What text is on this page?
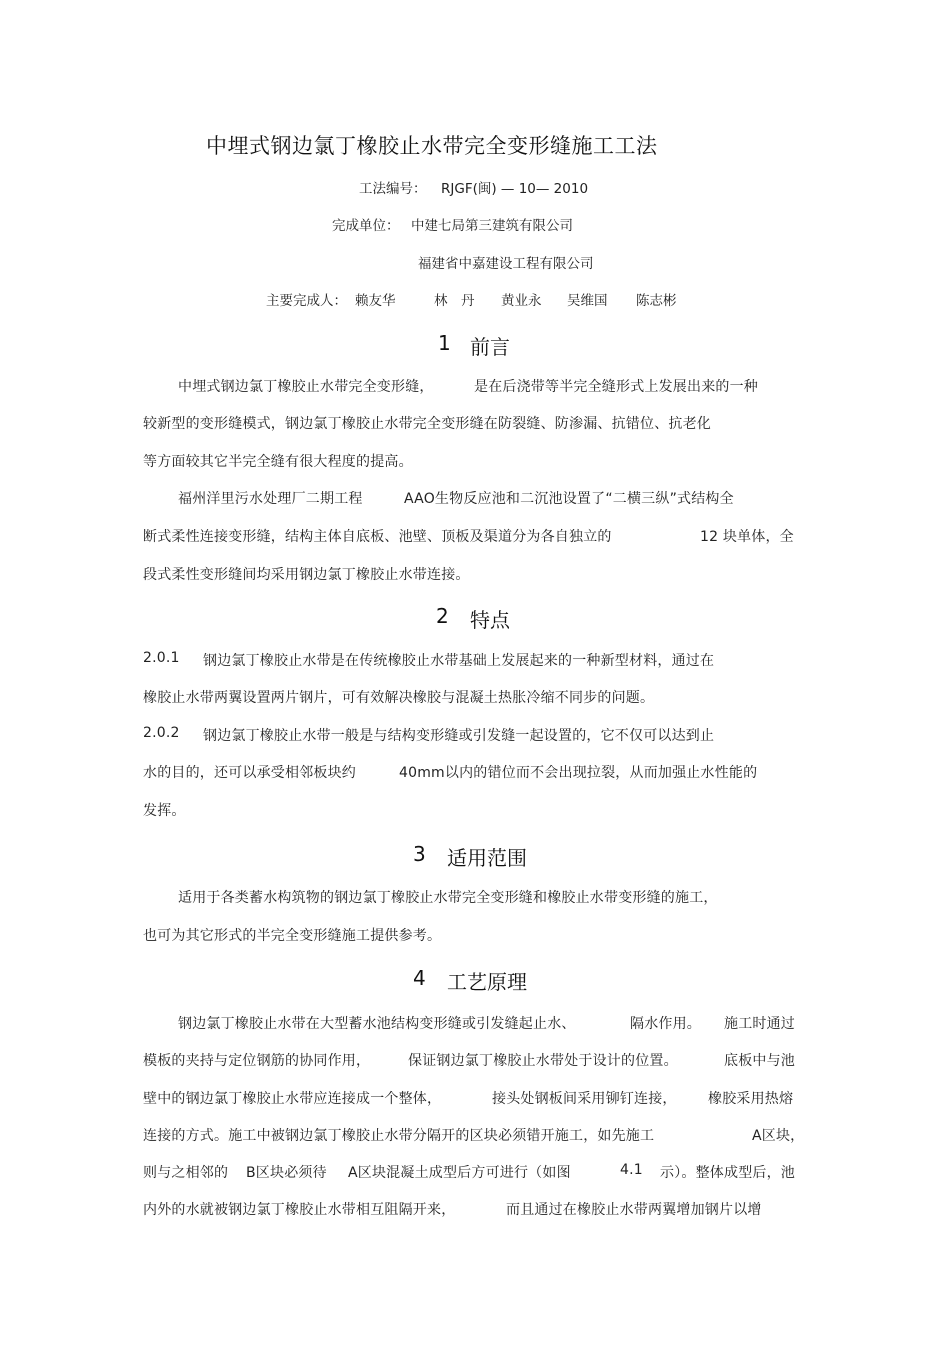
中埋式钢边氯丁橡胶止水带完全变形缝施工工法
工法编号： RJGF(闽) — 10— 2010
完成单位： 中建七局第三建筑有限公司
福建省中嘉建设工程有限公司
主要完成人： 赖友华	林　丹 黄业永 吴维国 陈志彬
1 前言
中埋式钢边氯丁橡胶止水带完全变形缝，	是在后浇带等半完全缝形式上发展出来的一种
较新型的变形缝模式，钢边氯丁橡胶止水带完全变形缝在防裂缝、防渗漏、抗错位、抗老化
等方面较其它半完全缝有很大程度的提高。
福州洋里污水处理厂二期工程	AAO生物反应池和二沉池设置了“二横三纵”式结构全
断式柔性连接变形缝，结构主体自底板、池壁、顶板及渠道分为各自独立的	12 块单体，全
段式柔性变形缝间均采用钢边氯丁橡胶止水带连接。
2 特点
2.0.1 钢边氯丁橡胶止水带是在传统橡胶止水带基础上发展起来的一种新型材料，通过在
橡胶止水带两翼设置两片钢片，可有效解决橡胶与混凝土热胀冷缩不同步的问题。
2.0.2 钢边氯丁橡胶止水带一般是与结构变形缝或引发缝一起设置的，它不仅可以达到止
水的目的，还可以承受相邻板块约	40mm以内的错位而不会出现拉裂，从而加强止水性能的
发挥。
3 适用范围
适用于各类蓄水构筑物的钢边氯丁橡胶止水带完全变形缝和橡胶止水带变形缝的施工，
也可为其它形式的半完全变形缝施工提供参考。
4 工艺原理
钢边氯丁橡胶止水带在大型蓄水池结构变形缝或引发缝起止水、	隔水作用。 施工时通过
模板的夹持与定位钢筋的协同作用，	保证钢边氯丁橡胶止水带处于设计的位置。	底板中与池
壁中的钢边氯丁橡胶止水带应连接成一个整体，	接头处钢板间采用铆钉连接， 橡胶采用热熔
连接的方式。施工中被钢边氯丁橡胶止水带分隔开的区块必须错开施工，如先施工	A区块，
则与之相邻的 B区块必须待 A区块混凝土成型后方可进行（如图	4.1 示）。整体成型后，池
内外的水就被钢边氯丁橡胶止水带相互阻隔开来，	而且通过在橡胶止水带两翼增加钢片以增
